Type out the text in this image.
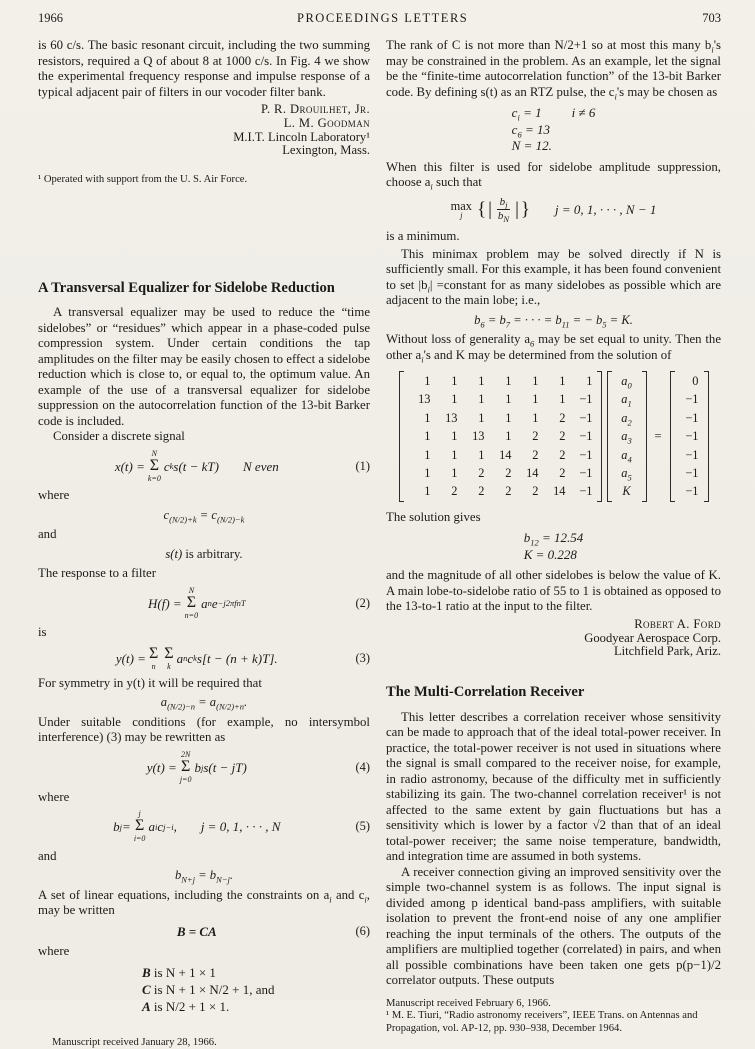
1966	PROCEEDINGS LETTERS	703

is 60 c/s. The basic resonant circuit, including the two summing resistors, required a Q of about 8 at 1000 c/s. In Fig. 4 we show the experimental frequency response and impulse response of a typical adjacent pair of filters in our vocoder filter bank.

P. R. Drouilhet, Jr.
L. M. Goodman
M.I.T. Lincoln Laboratory¹
Lexington, Mass.
¹ Operated with support from the U. S. Air Force.
A Transversal Equalizer for Sidelobe Reduction

A transversal equalizer may be used to reduce the “time sidelobes” or “residues” which appear in a phase-coded pulse compression system. Under certain conditions the tap amplitudes on the filter may be easily chosen to effect a sidelobe reduction which is close to, or equal to, the optimum value. An example of the use of a transversal equalizer for sidelobe suppression on the autocorrelation function of the 13-bit Barker code is included.

Consider a discrete signal

x(t) =
N
Σ
k=0
c k s(t − kT) N even	(1)

where

$c_{(N/2)+k} = c_{(N/2)-k}$

and

s(t) is arbitrary.

The response to a filter

H(f) =
N
Σ
n=0
a n e −j2πfnT	(2)

is

y(t) = Σ
n
Σ
k
a n c k s[t − (n + k)T].	(3)

For symmetry in y(t) it will be required that

$a_{(N/2)-n} = a_{(N/2)+n}$.

Under suitable conditions (for example, no intersymbol interference) (3) may be rewritten as

y(t) =
2N
Σ
j=0
b j s(t − jT)	(4)

where

b j =
j
Σ
i=0
a i c j−i , j = 0, 1, · · · , N	(5)

and

$b_{N+j} = b_{N-j}$.

A set of linear equations, including the constraints on $a_i$ and $c_i$, may be written

B = CA	(6)

where

B is N + 1 × 1
C is N + 1 × N/2 + 1, and
A is N/2 + 1 × 1.
Manuscript received January 28, 1966.

The rank of C is not more than N/2+1 so at most this many $b_i's$ may be constrained in the problem. As an example, let the signal be the “finite-time autocorrelation function” of the 13-bit Barker code. By defining s(t) as an RTZ pulse, the $c_i's$ may be chosen as

$c_i = 1$ i ≠ 6
$c_6 = 13$
N = 12.

When this filter is used for sidelobe amplitude suppression, choose $a_i$ such that

max
j { | $\frac{b_j}{b_N}$ | } j = 0, 1, · · · , N − 1

is a minimum.

This minimax problem may be solved directly if N is sufficiently small. For this example, it has been found convenient to set $|b_i|$ =constant for as many sidelobes as possible which are adjacent to the main lobe; i.e.,

$b_6 = b_7$ = · · · = $b_{11}$ = − $b_5 = K$.

Without loss of generality $a_6$ may be set equal to unity. Then the other $a_i's$ and K may be determined from the solution of

1	1	1	1	1	1	1
13	1	1	1	1	1	−1
1	13	1	1	1	2	−1
1	1	13	1	2	2	−1
1	1	1	14	2	2	−1
1	1	2	2	14	2	−1
1	2	2	2	2	14	−1
$a_0$
$a_1$
$a_2$
$a_3$
$a_4$
$a_5$
K
=
0
−1
−1
−1
−1
−1
−1

The solution gives

$b_{12} = 12.54$
K = 0.228

and the magnitude of all other sidelobes is below the value of K. A main lobe-to-sidelobe ratio of 55 to 1 is obtained as opposed to the 13-to-1 ratio at the input to the filter.

Robert A. Ford
Goodyear Aerospace Corp.
Litchfield Park, Ariz.
The Multi-Correlation Receiver

This letter describes a correlation receiver whose sensitivity can be made to approach that of the ideal total-power receiver. In practice, the total-power receiver is not used in situations where the signal is small compared to the receiver noise, for example, in radio astronomy, because of the difficulty met in sufficiently stabilizing its gain. The two-channel correlation receiver¹ is not affected to the same extent by gain fluctuations but has a sensitivity which is lower by a factor √2 than that of an ideal total-power receiver; the same noise temperature, bandwidth, and integration time are assumed in both systems.

A receiver connection giving an improved sensitivity over the simple two-channel system is as follows. The input signal is divided among p identical band-pass amplifiers, with suitable isolation to prevent the front-end noise of any one amplifier reaching the input terminals of the others. The outputs of the amplifiers are multiplied together (correlated) in pairs, and when all possible combinations have been taken one gets p(p−1)/2 correlator outputs. These outputs

Manuscript received February 6, 1966.
¹ M. E. Tiuri, “Radio astronomy receivers”, IEEE Trans. on Antennas and Propagation, vol. AP-12, pp. 930–938, December 1964.
